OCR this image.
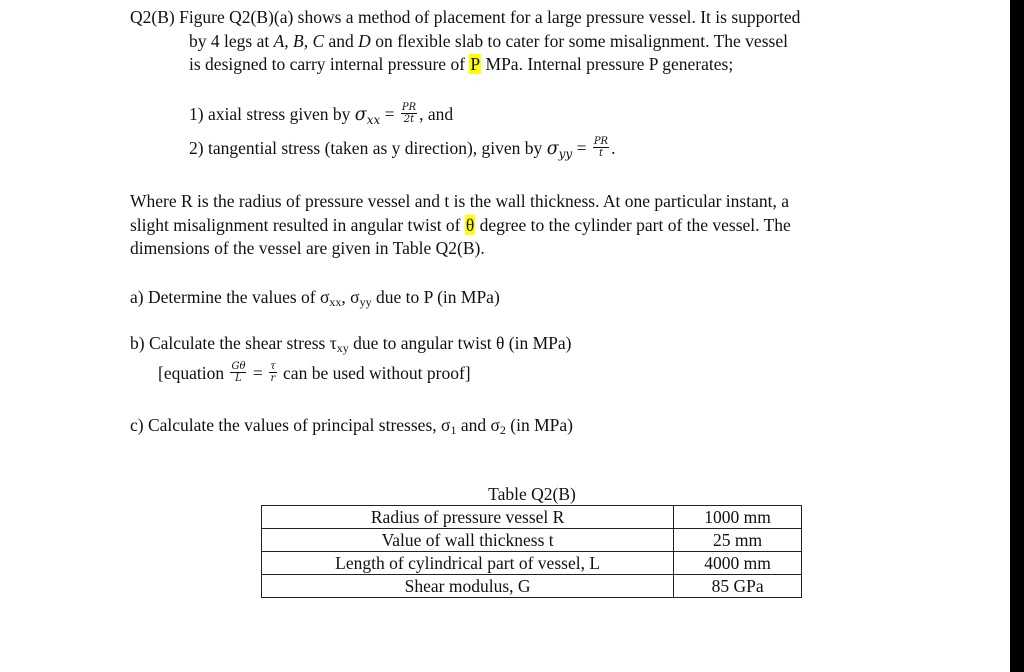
Q2(B) Figure Q2(B)(a) shows a method of placement for a large pressure vessel. It is supported
by 4 legs at A, B, C and D on flexible slab to cater for some misalignment. The vessel
is designed to carry internal pressure of P MPa. Internal pressure P generates;
1) axial stress given by $\sigma_{xx} = \frac{PR}{2t}$ , and
2) tangential stress (taken as y direction), given by $\sigma_{yy} = \frac{PR}{t}$ .
Where R is the radius of pressure vessel and t is the wall thickness. At one particular instant, a
slight misalignment resulted in angular twist of θ degree to the cylinder part of the vessel. The
dimensions of the vessel are given in Table Q2(B).
a) Determine the values of σxx, σyy due to P (in MPa)
b) Calculate the shear stress τxy due to angular twist θ (in MPa)
[equation $\frac{G\theta}{L} = \frac{\tau}{r}$ can be used without proof]
c) Calculate the values of principal stresses, σ1 and σ2 (in MPa)
Table Q2(B)
Radius of pressure vessel R	1000 mm
Value of wall thickness t	25 mm
Length of cylindrical part of vessel, L	4000 mm
Shear modulus, G	85 GPa
